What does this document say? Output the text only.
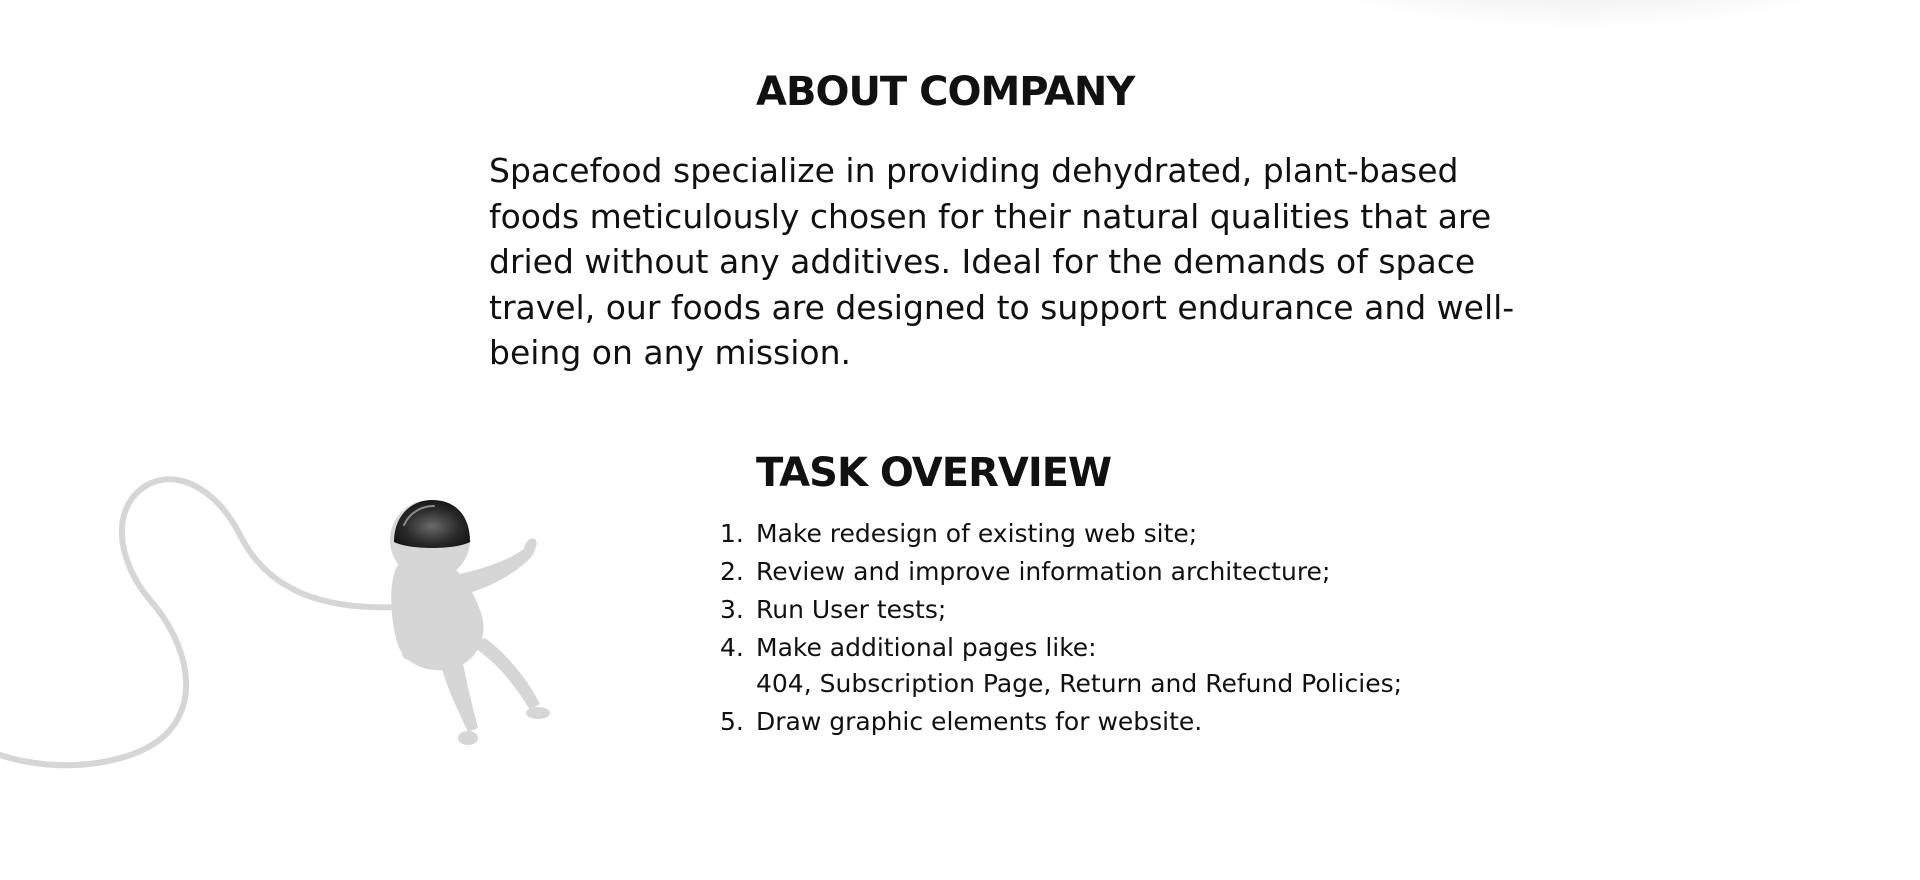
ABOUT COMPANY

Spacefood specialize in providing dehydrated, plant-based
foods meticulously chosen for their natural qualities that are
dried without any additives. Ideal for the demands of space
travel, our foods are designed to support endurance and well-
being on any mission.

TASK OVERVIEW
1. Make redesign of existing web site;
2. Review and improve information architecture;
3. Run User tests;
4. Make additional pages like:
404, Subscription Page, Return and Refund Policies;
5. Draw graphic elements for website.
